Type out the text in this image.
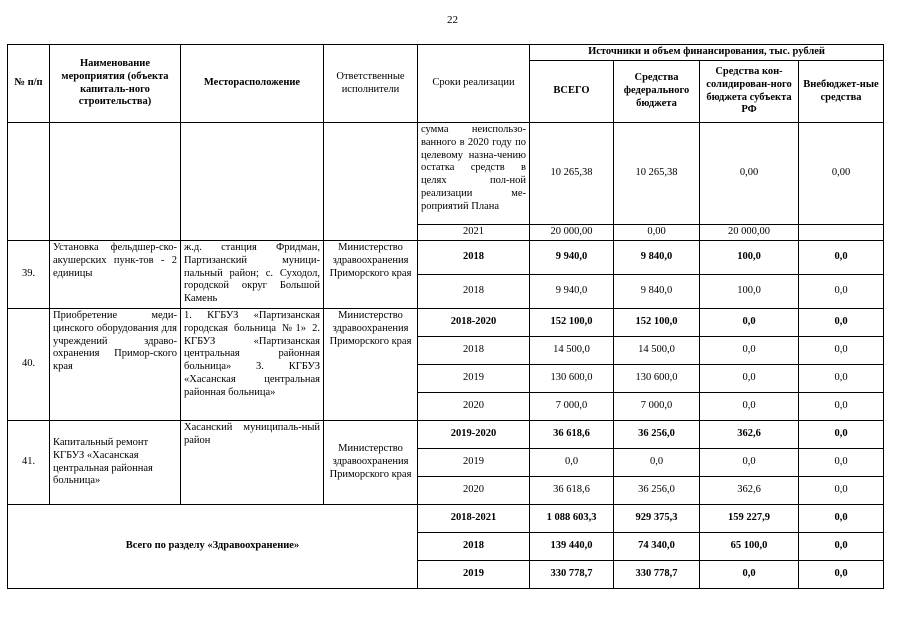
22
№ п/п	Наименование мероприятия (объекта капиталь-ного строительства)	Месторасположение	Ответственные исполнители	Сроки реализации	Источники и объем финансирования, тыс. рублей			
					ВСЕГО	Средства федерального бюджета	Средства кон-солидирован-ного бюджета субъекта РФ	Внебюджет-ные средства
				сумма неиспользо-ванного в 2020 году по целевому назна-чению остатка средств в целях пол-ной реализации ме-роприятий Плана	10 265,38	10 265,38	0,00	0,00
				2021	20 000,00	0,00	20 000,00	
39.	Установка фельдшер-ско-акушерских пунк-тов - 2 единицы	ж.д. станция Фридман, Партизанский муници-пальный район; с. Суходол, городской округ Большой Камень	Министерство здравоохранения Приморского края	2018	9 940,0	9 840,0	100,0	0,0
				2018	9 940,0	9 840,0	100,0	0,0
40.	Приобретение меди-цинского оборудования для учреждений здраво-охранения Примор-ского края	1. КГБУЗ «Партизанская городская больница №1» 2. КГБУЗ «Партизанская центральная районная больница» 3. КГБУЗ «Хасанская центральная районная больница»	Министерство здравоохранения Приморского края	2018-2020	152 100,0	152 100,0	0,0	0,0
				2018	14 500,0	14 500,0	0,0	0,0
				2019	130 600,0	130 600,0	0,0	0,0
				2020	7 000,0	7 000,0	0,0	0,0
41.	Капитальный ремонт КГБУЗ «Хасанская центральная районная больница»	Хасанский муниципаль-ный район	Министерство здравоохранения Приморского края	2019-2020	36 618,6	36 256,0	362,6	0,0
				2019	0,0	0,0	0,0	0,0
				2020	36 618,6	36 256,0	362,6	0,0
Всего по разделу «Здравоохранение»				2018-2021	1 088 603,3	929 375,3	159 227,9	0,0
				2018	139 440,0	74 340,0	65 100,0	0,0
				2019	330 778,7	330 778,7	0,0	0,0
